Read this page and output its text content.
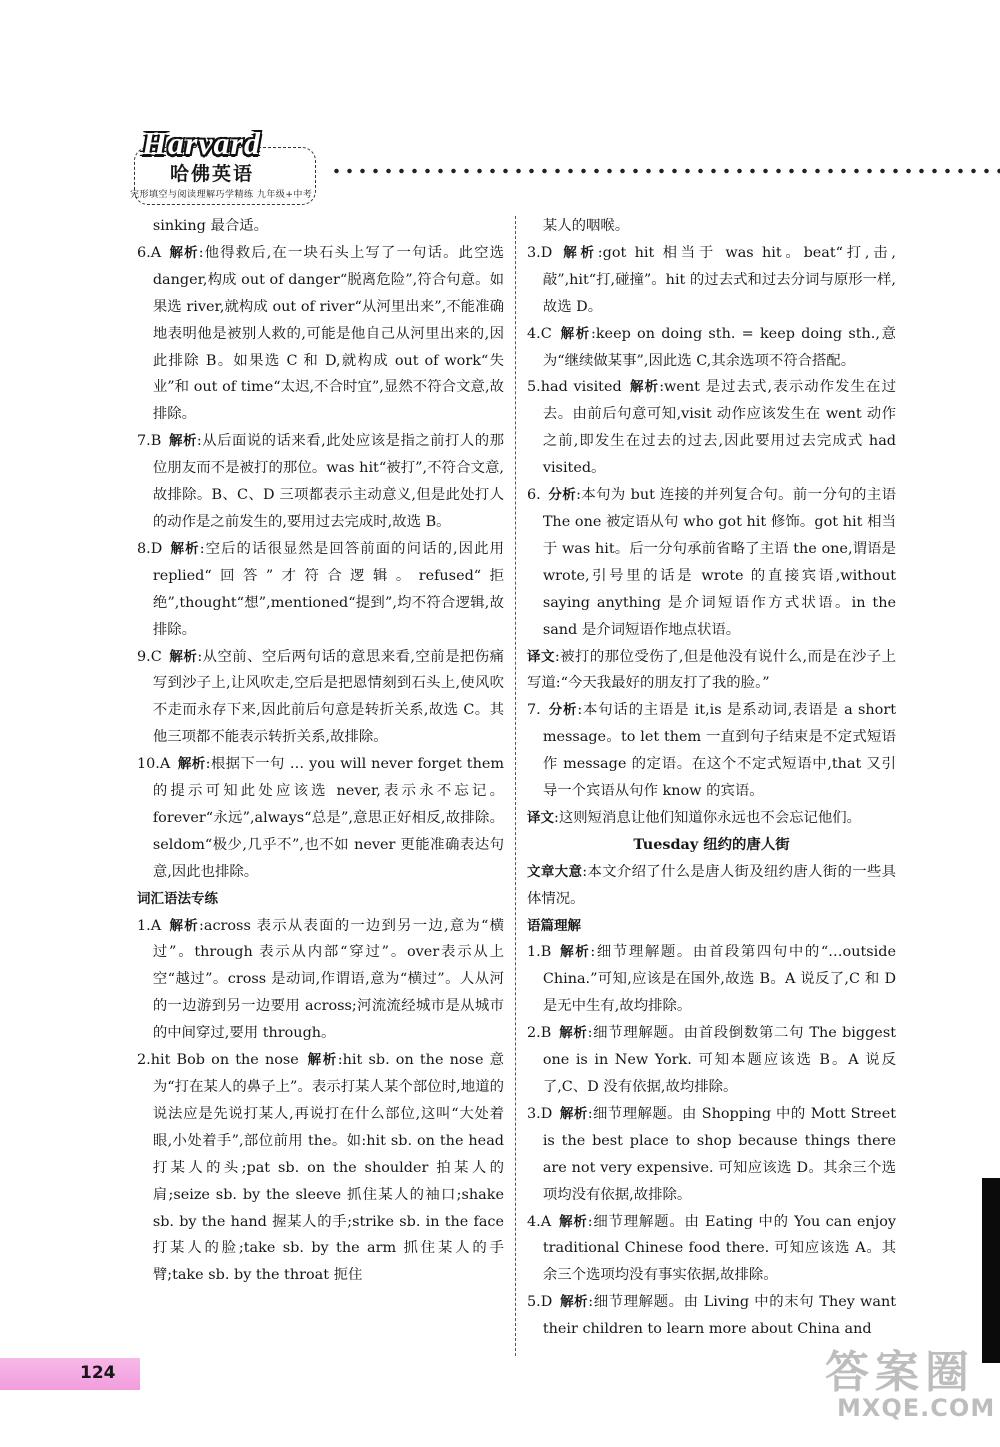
Harvard
哈佛英语
完形填空与阅读理解巧学精练 九年级+中考

sinking 最合适。

6.A  解析:他得救后,在一块石头上写了一句话。此空选 danger,构成 out of danger“脱离危险”,符合句意。如果选 river,就构成 out of river“从河里出来”,不能准确地表明他是被别人救的,可能是他自己从河里出来的,因此排除 B。如果选 C 和 D,就构成 out of work“失业”和 out of time“太迟,不合时宜”,显然不符合文意,故排除。

7.B  解析:从后面说的话来看,此处应该是指之前打人的那位朋友而不是被打的那位。was hit“被打”,不符合文意,故排除。B、C、D 三项都表示主动意义,但是此处打人的动作是之前发生的,要用过去完成时,故选 B。

8.D  解析:空后的话很显然是回答前面的问话的,因此用 replied“回答”才符合逻辑。refused“拒绝”,thought“想”,mentioned“提到”,均不符合逻辑,故排除。

9.C  解析:从空前、空后两句话的意思来看,空前是把伤痛写到沙子上,让风吹走,空后是把恩情刻到石头上,使风吹不走而永存下来,因此前后句意是转折关系,故选 C。其他三项都不能表示转折关系,故排除。

10.A  解析:根据下一句 … you will never forget them 的提示可知此处应该选 never,表示永不忘记。forever“永远”,always“总是”,意思正好相反,故排除。seldom“极少,几乎不”,也不如 never 更能准确表达句意,因此也排除。

词汇语法专练

1.A  解析:across 表示从表面的一边到另一边,意为“横过”。through 表示从内部“穿过”。over表示从上空“越过”。cross 是动词,作谓语,意为“横过”。人从河的一边游到另一边要用 across;河流流经城市是从城市的中间穿过,要用 through。

2.hit Bob on the nose  解析:hit sb. on the nose 意为“打在某人的鼻子上”。表示打某人某个部位时,地道的说法应是先说打某人,再说打在什么部位,这叫“大处着眼,小处着手”,部位前用 the。如:hit sb. on the head 打某人的头;pat sb. on the shoulder 拍某人的肩;seize sb. by the sleeve 抓住某人的袖口;shake sb. by the hand 握某人的手;strike sb. in the face 打某人的脸;take sb. by the arm 抓住某人的手臂;take sb. by the throat 扼住

某人的咽喉。

3.D  解析:got hit 相当于 was hit。beat“打,击,敲”,hit“打,碰撞”。hit 的过去式和过去分词与原形一样,故选 D。

4.C  解析:keep on doing sth. = keep doing sth.,意为“继续做某事”,因此选 C,其余选项不符合搭配。

5.had visited  解析:went 是过去式,表示动作发生在过去。由前后句意可知,visit 动作应该发生在 went 动作之前,即发生在过去的过去,因此要用过去完成式 had visited。

6.  分析:本句为 but 连接的并列复合句。前一分句的主语 The one 被定语从句 who got hit 修饰。got hit 相当于 was hit。后一分句承前省略了主语 the one,谓语是 wrote,引号里的话是 wrote 的直接宾语,without saying anything 是介词短语作方式状语。in the sand 是介词短语作地点状语。

译文:被打的那位受伤了,但是他没有说什么,而是在沙子上写道:“今天我最好的朋友打了我的脸。”

7.  分析:本句话的主语是 it,is 是系动词,表语是 a short message。to let them 一直到句子结束是不定式短语作 message 的定语。在这个不定式短语中,that 又引导一个宾语从句作 know 的宾语。

译文:这则短消息让他们知道你永远也不会忘记他们。

Tuesday 纽约的唐人街

文章大意:本文介绍了什么是唐人街及纽约唐人街的一些具体情况。

语篇理解

1.B  解析:细节理解题。由首段第四句中的“…outside China.”可知,应该是在国外,故选 B。A 说反了,C 和 D 是无中生有,故均排除。

2.B  解析:细节理解题。由首段倒数第二句 The biggest one is in New York. 可知本题应该选 B。A 说反了,C、D 没有依据,故均排除。

3.D  解析:细节理解题。由 Shopping 中的 Mott Street is the best place to shop because things there are not very expensive. 可知应该选 D。其余三个选项均没有依据,故排除。

4.A  解析:细节理解题。由 Eating 中的 You can enjoy traditional Chinese food there. 可知应该选 A。其余三个选项均没有事实依据,故排除。

5.D  解析:细节理解题。由 Living 中的末句 They want their children to learn more about China and

124	答案圈
MXQE.COM
